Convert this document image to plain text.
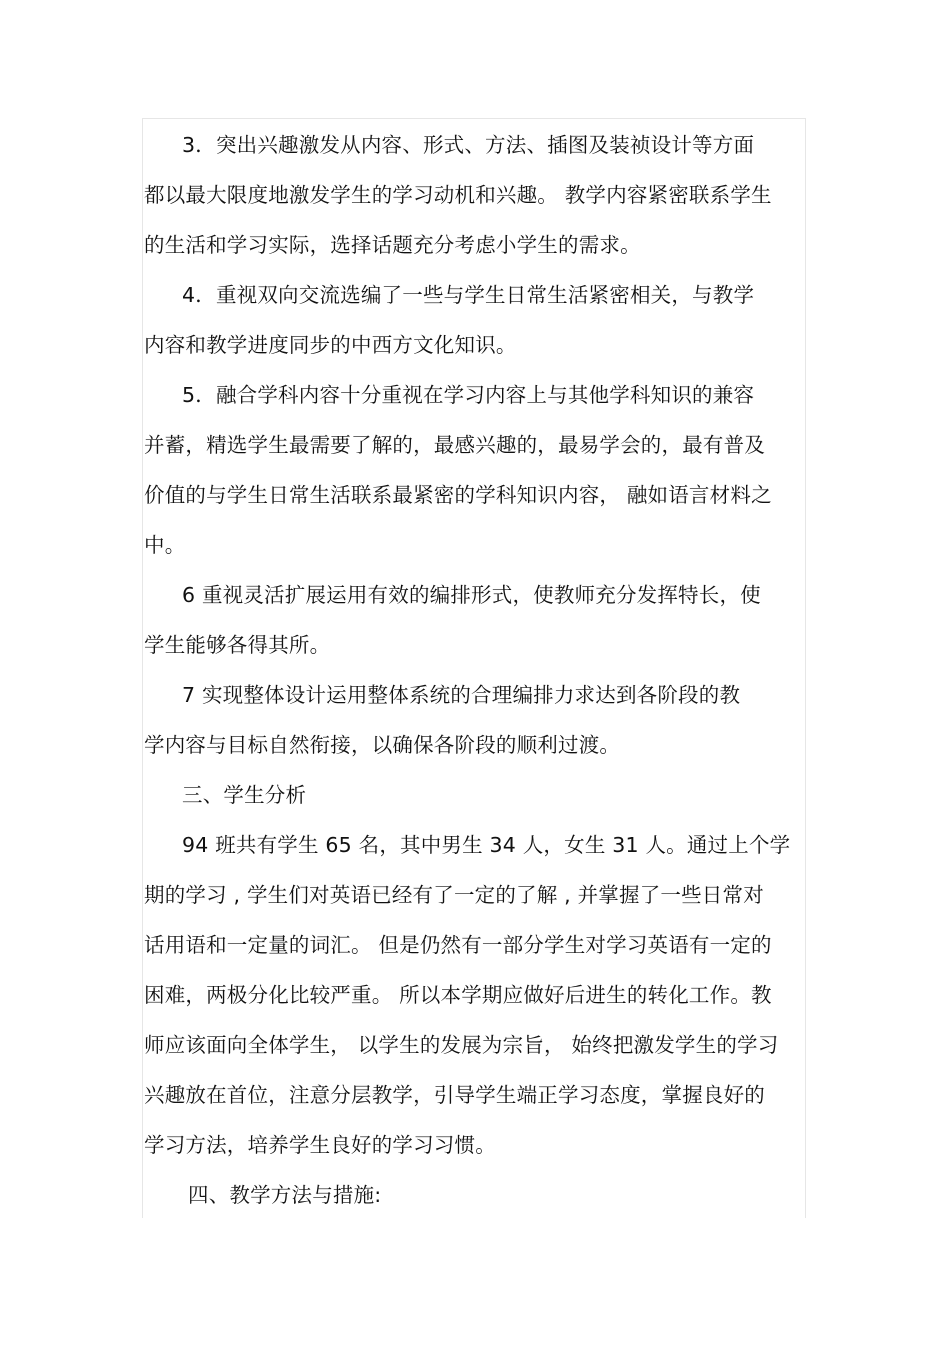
3．突出兴趣激发从内容、形式、方法、插图及装祯设计等方面
都以最大限度地激发学生的学习动机和兴趣。 教学内容紧密联系学生
的生活和学习实际，选择话题充分考虑小学生的需求。
4．重视双向交流选编了一些与学生日常生活紧密相关，与教学
内容和教学进度同步的中西方文化知识。
5．融合学科内容十分重视在学习内容上与其他学科知识的兼容
并蓄，精选学生最需要了解的，最感兴趣的，最易学会的，最有普及
价值的与学生日常生活联系最紧密的学科知识内容， 融如语言材料之
中。
6 重视灵活扩展运用有效的编排形式，使教师充分发挥特长，使
学生能够各得其所。
7 实现整体设计运用整体系统的合理编排力求达到各阶段的教
学内容与目标自然衔接，以确保各阶段的顺利过渡。
三、学生分析
94 班共有学生 65 名，其中男生 34 人，女生 31 人。通过上个学
期的学习 , 学生们对英语已经有了一定的了解 , 并掌握了一些日常对
话用语和一定量的词汇。 但是仍然有一部分学生对学习英语有一定的
困难，两极分化比较严重。 所以本学期应做好后进生的转化工作。教
师应该面向全体学生， 以学生的发展为宗旨， 始终把激发学生的学习
兴趣放在首位，注意分层教学，引导学生端正学习态度，掌握良好的
学习方法，培养学生良好的学习习惯。
四、教学方法与措施:
